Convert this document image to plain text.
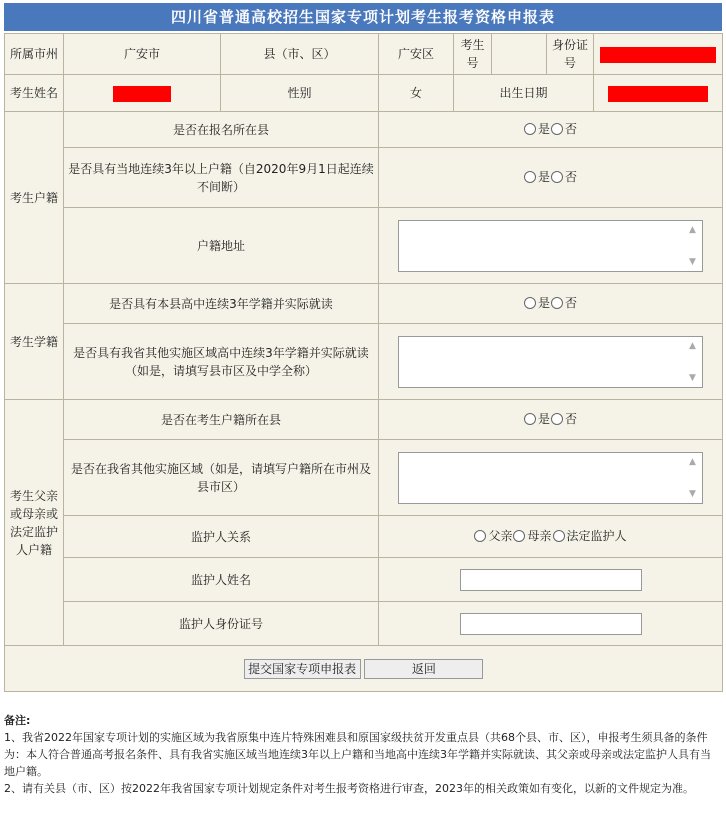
四川省普通高校招生国家专项计划考生报考资格申报表
所属市州	广安市	县（市、区）	广安区	考生号		身份证号	
考生姓名		性别	女	出生日期			
考生户籍	是否在报名所在县		是 否				

	是否具有当地连续3年以上户籍（自2020年9月1日起连续不间断）		是 否				

	户籍地址		▲
▼				

考生学籍	是否具有本县高中连续3年学籍并实际就读		是 否				

	是否具有我省其他实施区域高中连续3年学籍并实际就读（如是，请填写县市区及中学全称）		▲
▼				

考生父亲或母亲或法定监护人户籍	是否在考生户籍所在县		是 否				

	是否在我省其他实施区域（如是，请填写户籍所在市州及县市区）		▲
▼				

	监护人关系		父亲 母亲 法定监护人				

	监护人姓名						
	监护人身份证号						
提交国家专项申报表 返回							
备注:
1、我省2022年国家专项计划的实施区域为我省原集中连片特殊困难县和原国家级扶贫开发重点县（共68个县、市、区），申报考生须具备的条件为：本人符合普通高考报名条件、具有我省实施区域当地连续3年以上户籍和当地高中连续3年学籍并实际就读、其父亲或母亲或法定监护人具有当地户籍。
2、请有关县（市、区）按2022年我省国家专项计划规定条件对考生报考资格进行审查，2023年的相关政策如有变化，以新的文件规定为准。
